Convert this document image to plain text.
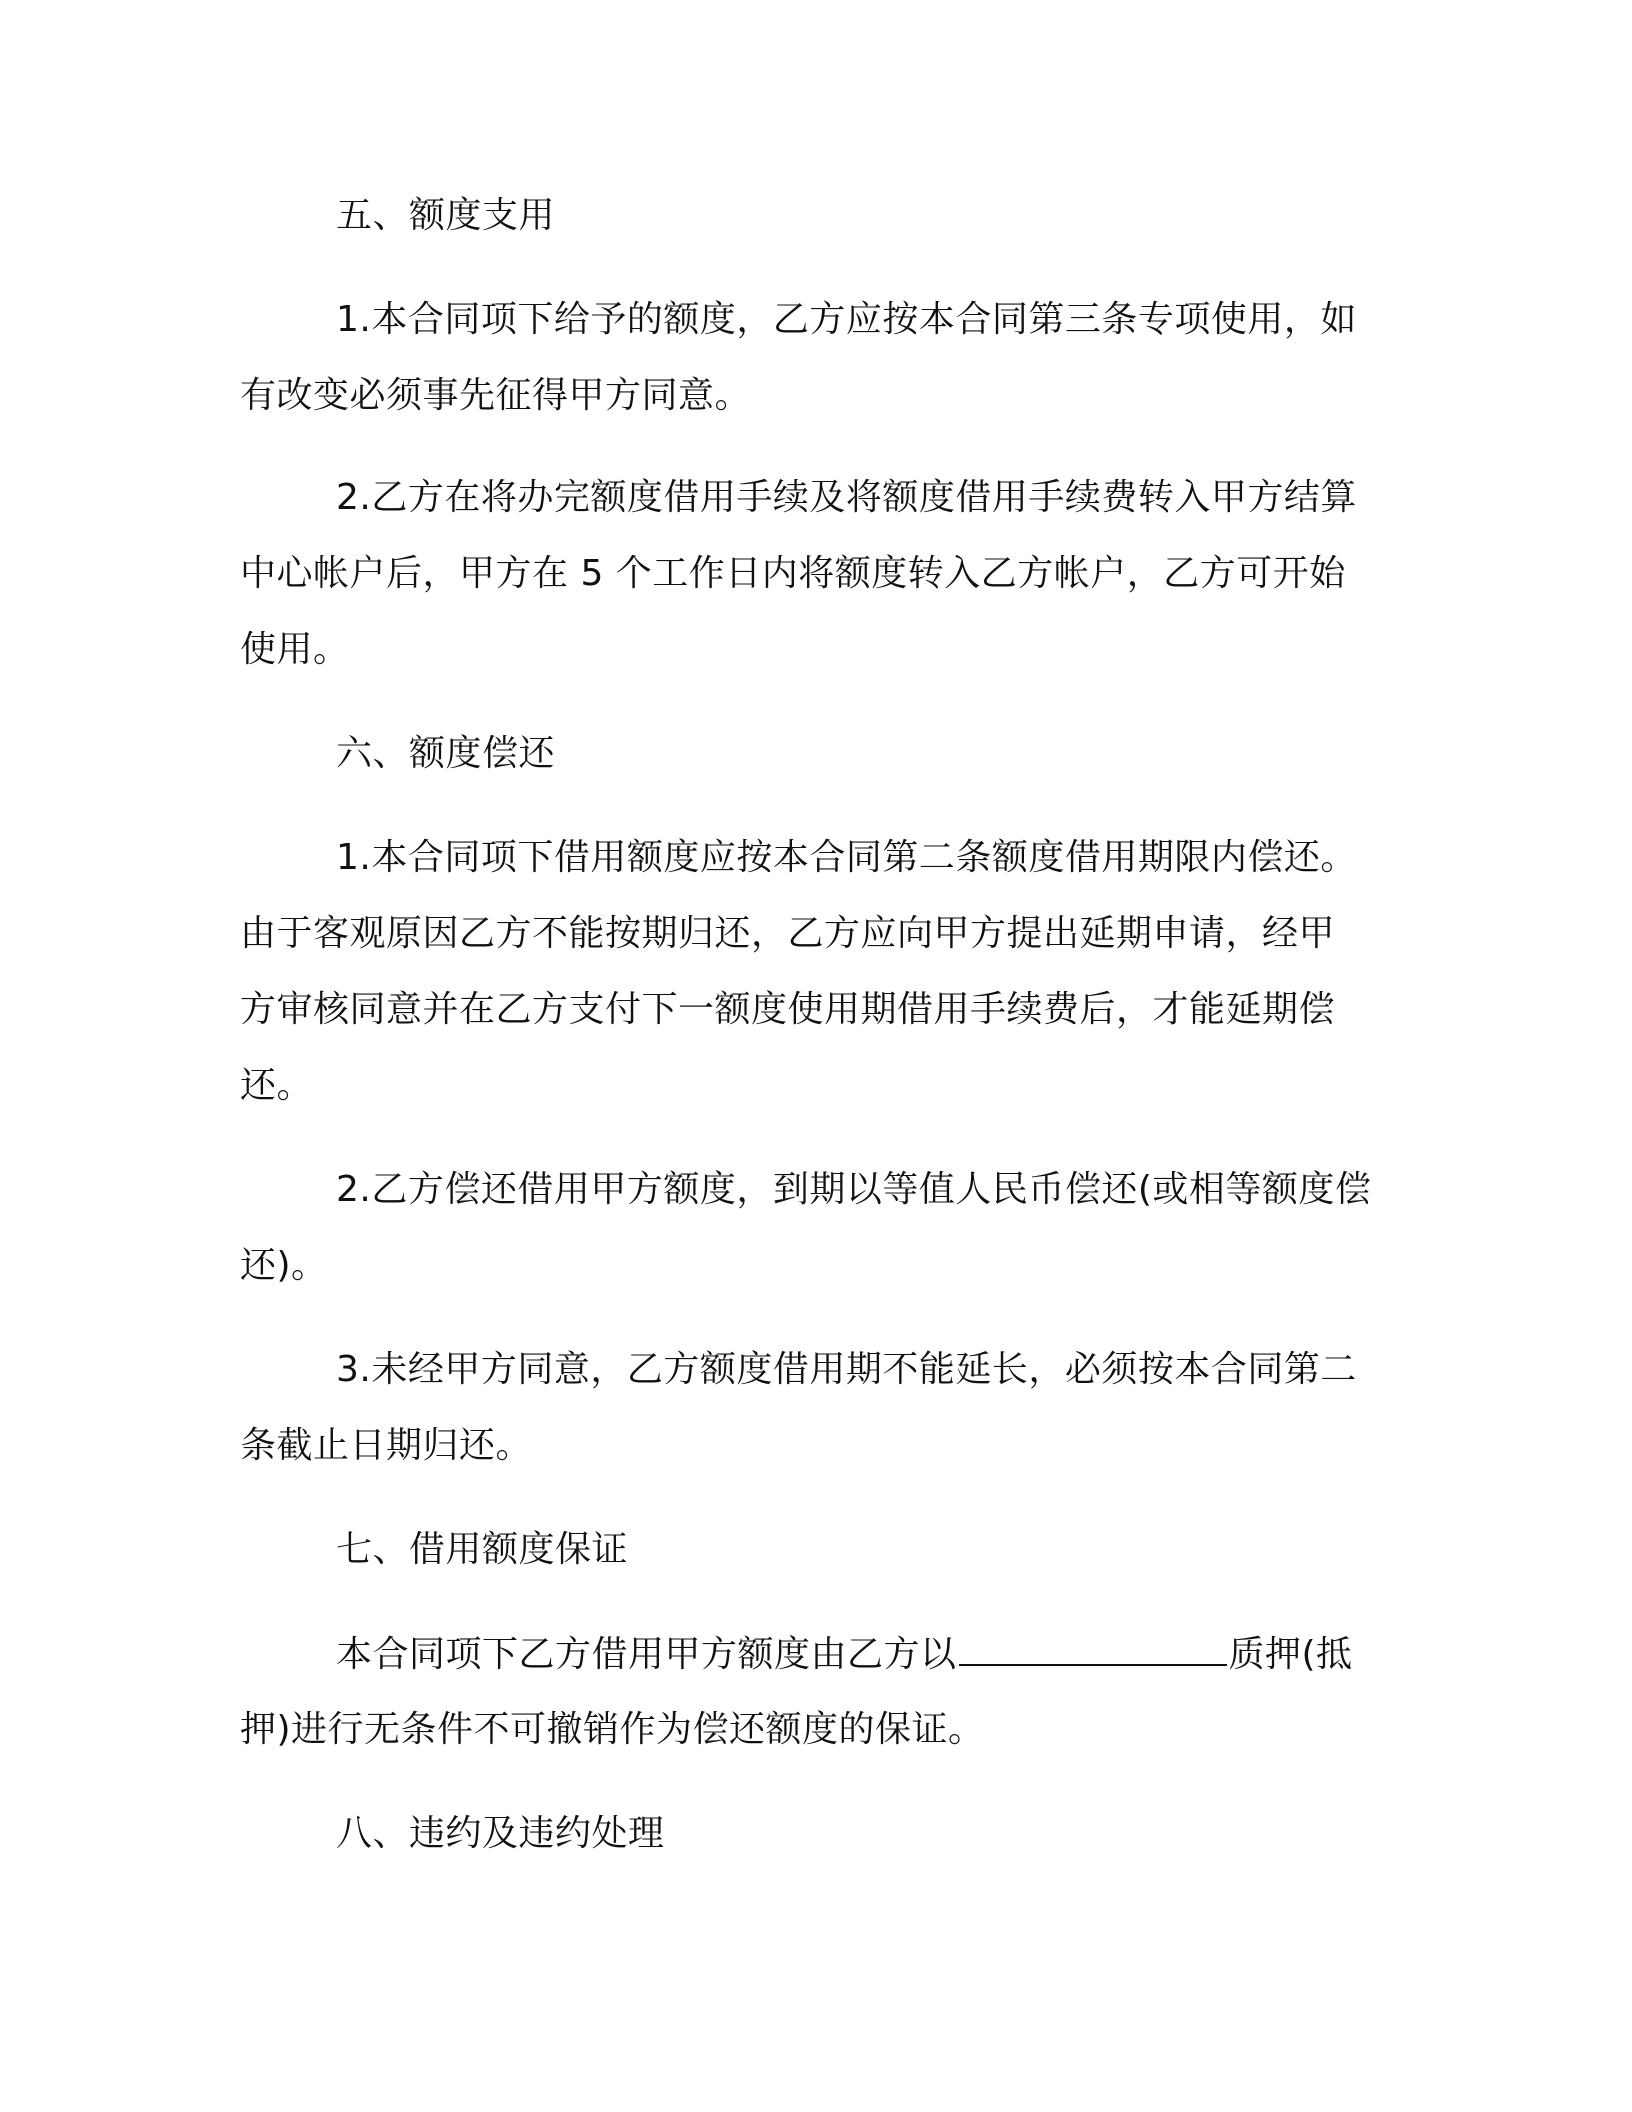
五、额度支用
1.本合同项下给予的额度，乙方应按本合同第三条专项使用，如
有改变必须事先征得甲方同意。
2.乙方在将办完额度借用手续及将额度借用手续费转入甲方结算
中心帐户后，甲方在 5 个工作日内将额度转入乙方帐户，乙方可开始
使用。
六、额度偿还
1.本合同项下借用额度应按本合同第二条额度借用期限内偿还。
由于客观原因乙方不能按期归还，乙方应向甲方提出延期申请，经甲
方审核同意并在乙方支付下一额度使用期借用手续费后，才能延期偿
还。
2.乙方偿还借用甲方额度，到期以等值人民币偿还(或相等额度偿
还)。
3.未经甲方同意，乙方额度借用期不能延长，必须按本合同第二
条截止日期归还。
七、借用额度保证
本合同项下乙方借用甲方额度由乙方以	质押(抵
押)进行无条件不可撤销作为偿还额度的保证。
八、违约及违约处理
